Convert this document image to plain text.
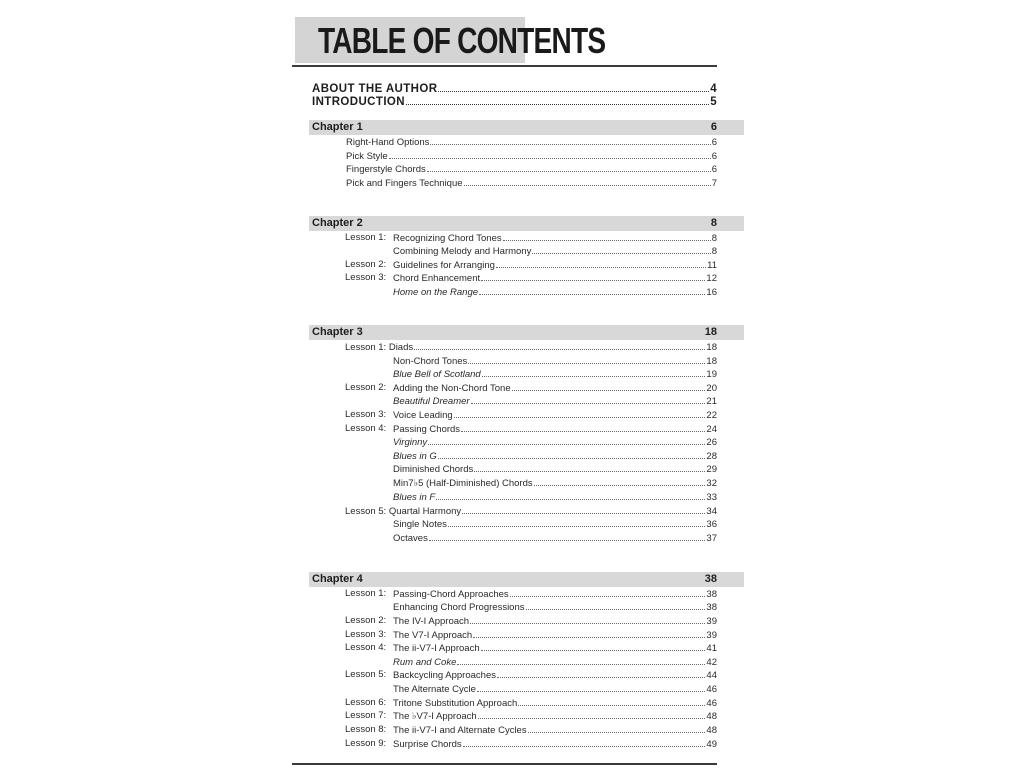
TABLE OF CONTENTS
ABOUT THE AUTHOR	4
INTRODUCTION	5
Chapter 1	6
Right-Hand Options	6
Pick Style	6
Fingerstyle Chords	6
Pick and Fingers Technique	7
Chapter 2	8
Lesson 1: Recognizing Chord Tones	8
Combining Melody and Harmony	8
Lesson 2: Guidelines for Arranging	11
Lesson 3: Chord Enhancement	12
Home on the Range	16
Chapter 3	18
Lesson 1: Diads	18
Non-Chord Tones	18
Blue Bell of Scotland	19
Lesson 2: Adding the Non-Chord Tone	20
Beautiful Dreamer	21
Lesson 3: Voice Leading	22
Lesson 4: Passing Chords	24
Virginny	26
Blues in G	28
Diminished Chords	29
Min7♭5 (Half-Diminished) Chords	32
Blues in F	33
Lesson 5: Quartal Harmony	34
Single Notes	36
Octaves	37
Chapter 4	38
Lesson 1: Passing-Chord Approaches	38
Enhancing Chord Progressions	38
Lesson 2: The IV-I Approach	39
Lesson 3: The V7-I Approach	39
Lesson 4: The ii-V7-I Approach	41
Rum and Coke	42
Lesson 5: Backcycling Approaches	44
The Alternate Cycle	46
Lesson 6: Tritone Substitution Approach	46
Lesson 7: The ♭V7-I Approach	48
Lesson 8: The ii-V7-I and Alternate Cycles	48
Lesson 9: Surprise Chords	49
